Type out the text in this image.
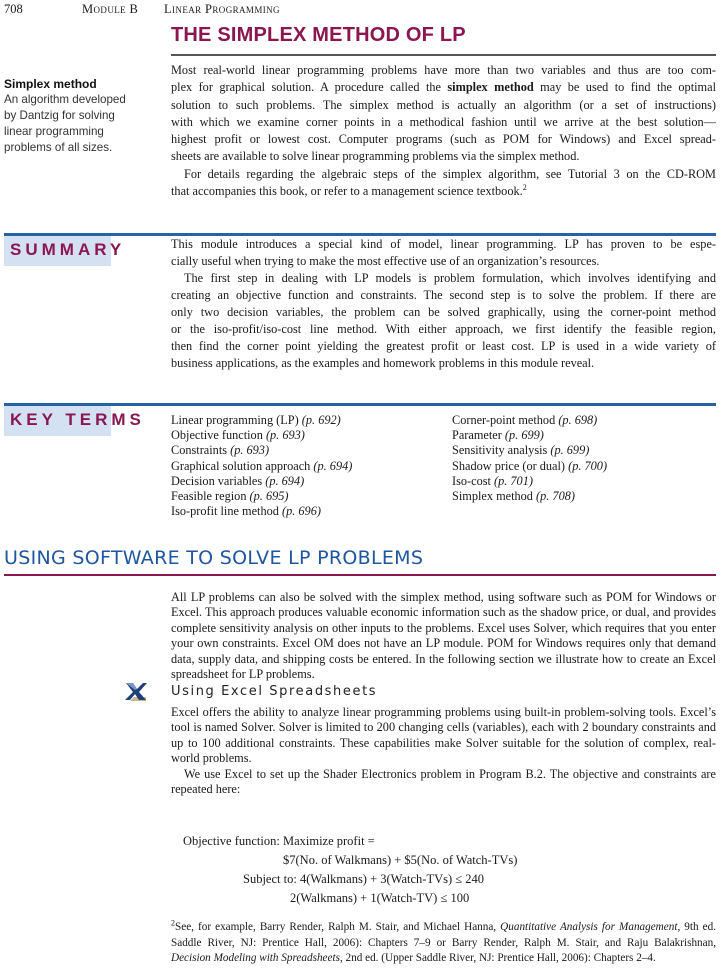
708	Module B Linear Programming
THE SIMPLEX METHOD OF LP
Simplex method
An algorithm developed
by Dantzig for solving
linear programming
problems of all sizes.
Most real-world linear programming problems have more than two variables and thus are too com-
plex for graphical solution. A procedure called the simplex method may be used to find the optimal
solution to such problems. The simplex method is actually an algorithm (or a set of instructions)
with which we examine corner points in a methodical fashion until we arrive at the best solution—
highest profit or lowest cost. Computer programs (such as POM for Windows) and Excel spread-
sheets are available to solve linear programming problems via the simplex method.
For details regarding the algebraic steps of the simplex algorithm, see Tutorial 3 on the CD-ROM
that accompanies this book, or refer to a management science textbook.$^2$
SUMMARY	This module introduces a special kind of model, linear programming. LP has proven to be espe-
cially useful when trying to make the most effective use of an organization’s resources.
The first step in dealing with LP models is problem formulation, which involves identifying and
creating an objective function and constraints. The second step is to solve the problem. If there are
only two decision variables, the problem can be solved graphically, using the corner-point method
or the iso-profit/iso-cost line method. With either approach, we first identify the feasible region,
then find the corner point yielding the greatest profit or least cost. LP is used in a wide variety of
business applications, as the examples and homework problems in this module reveal.
KEY TERMS Linear programming (LP) (p. 692)
Objective function (p. 693)
Constraints (p. 693)
Graphical solution approach (p. 694)
Decision variables (p. 694)
Feasible region (p. 695)
Iso-profit line method (p. 696)
Corner-point method (p. 698)
Parameter (p. 699)
Sensitivity analysis (p. 699)
Shadow price (or dual) (p. 700)
Iso-cost (p. 701)
Simplex method (p. 708)
USING SOFTWARE TO SOLVE LP PROBLEMS
All LP problems can also be solved with the simplex method, using software such as POM for Windows or
Excel. This approach produces valuable economic information such as the shadow price, or dual, and provides
complete sensitivity analysis on other inputs to the problems. Excel uses Solver, which requires that you enter
your own constraints. Excel OM does not have an LP module. POM for Windows requires only that demand
data, supply data, and shipping costs be entered. In the following section we illustrate how to create an Excel
spreadsheet for LP problems.
Using Excel Spreadsheets
Excel offers the ability to analyze linear programming problems using built-in problem-solving tools. Excel’s
tool is named Solver. Solver is limited to 200 changing cells (variables), each with 2 boundary constraints and
up to 100 additional constraints. These capabilities make Solver suitable for the solution of complex, real-
world problems.
We use Excel to set up the Shader Electronics problem in Program B.2. The objective and constraints are
repeated here:
Objective function: Maximize profit =
$7(No. of Walkmans) + $5(No. of Watch-TVs)
Subject to: 4(Walkmans) + 3(Watch-TVs) ≤ 240
2(Walkmans) + 1(Watch-TV) ≤ 100
$^2$See, for example, Barry Render, Ralph M. Stair, and Michael Hanna, Quantitative Analysis for Management, 9th ed.
Saddle River, NJ: Prentice Hall, 2006): Chapters 7–9 or Barry Render, Ralph M. Stair, and Raju Balakrishnan,
Decision Modeling with Spreadsheets, 2nd ed. (Upper Saddle River, NJ: Prentice Hall, 2006): Chapters 2–4.
